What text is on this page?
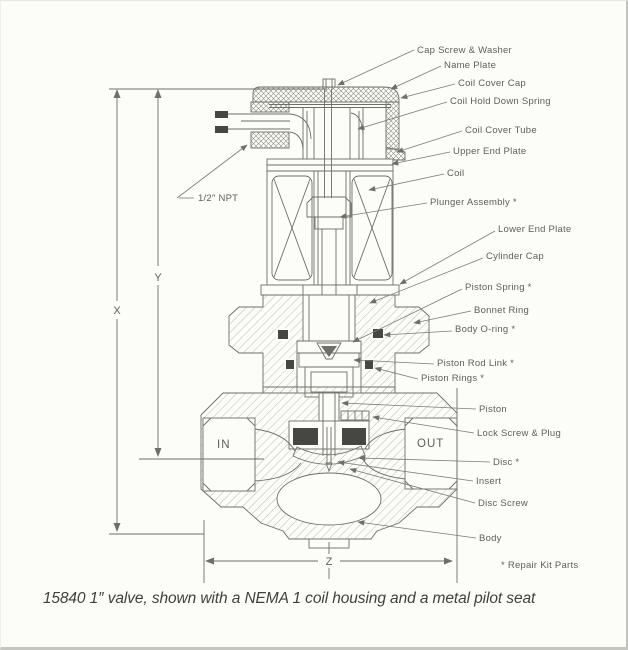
X
Y
Z
IN	OUT
1/2″ NPT
Cap Screw & Washer
Name Plate
Coil Cover Cap
Coil Hold Down Spring
Coil Cover Tube
Upper End Plate
Coil
Plunger Assembly *
Lower End Plate
Cylinder Cap
Piston Spring *
Bonnet Ring
Body O-ring *
Piston Rod Link *
Piston Rings *
Piston
Lock Screw & Plug
Disc *
Insert
Disc Screw
Body
* Repair Kit Parts
15840 1″ valve, shown with a NEMA 1 coil housing and a metal pilot seat
